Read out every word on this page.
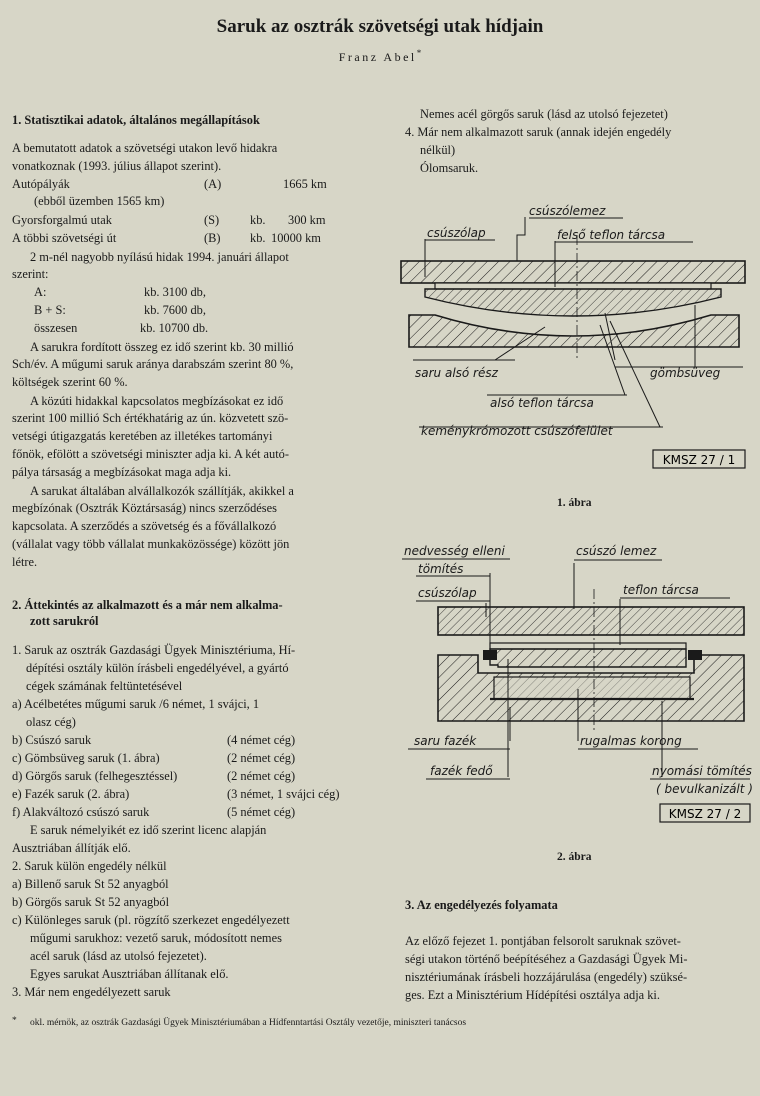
Saruk az osztrák szövetségi utak hídjain
Franz Abel*
1. Statisztikai adatok, általános megállapítások
A bemutatott adatok a szövetségi utakon levő hidakra
vonatkoznak (1993. július állapot szerint).
Autópályák	(A)	1665 km
(ebből üzemben 1565 km)
Gyorsforgalmú utak	(S) kb. 300 km
A többi szövetségi út	(B) kb. 10000 km
2 m-nél nagyobb nyílású hidak 1994. januári állapot
szerint:
A:	kb. 3100 db,
B + S:	kb. 7600 db,
összesen	kb. 10700 db.
A sarukra fordított összeg ez idő szerint kb. 30 millió
Sch/év. A műgumi saruk aránya darabszám szerint 80 %,
költségek szerint 60 %.
A közúti hidakkal kapcsolatos megbízásokat ez idő
szerint 100 millió Sch értékhatárig az ún. közvetett szö-
vetségi útigazgatás keretében az illetékes tartományi
főnök, efölött a szövetségi miniszter adja ki. A két autó-
pálya társaság a megbízásokat maga adja ki.
A sarukat általában alvállalkozók szállítják, akikkel a
megbízónak (Osztrák Köztársaság) nincs szerződéses
kapcsolata. A szerződés a szövetség és a fővállalkozó
(vállalat vagy több vállalat munkaközössége) között jön
létre.
2. Áttekintés az alkalmazott és a már nem alkalma-
zott sarukról
1. Saruk az osztrák Gazdasági Ügyek Minisztériuma, Hí-
dépítési osztály külön írásbeli engedélyével, a gyártó
cégek számának feltüntetésével
a) Acélbetétes műgumi saruk /6 német, 1 svájci, 1
olasz cég)
b) Csúszó saruk	(4 német cég)
c) Gömbsüveg saruk (1. ábra)	(2 német cég)
d) Görgős saruk (felhegesztéssel)	(2 német cég)
e) Fazék saruk (2. ábra)	(3 német, 1 svájci cég)
f) Alakváltozó csúszó saruk	(5 német cég)
E saruk némelyikét ez idő szerint licenc alapján
Ausztriában állítják elő.
2. Saruk külön engedély nélkül
a) Billenő saruk St 52 anyagból
b) Görgős saruk St 52 anyagból
c) Különleges saruk (pl. rögzítő szerkezet engedélyezett
műgumi sarukhoz: vezető saruk, módosított nemes
acél saruk (lásd az utolsó fejezetet).
Egyes sarukat Ausztriában állítanak elő.
3. Már nem engedélyezett saruk
Nemes acél görgős saruk (lásd az utolsó fejezetet)
4. Már nem alkalmazott saruk (annak idején engedély
nélkül)
Ólomsaruk.
csúszólemez
csúszólap	felső teflon tárcsa
saru alsó rész	gömbsüveg
alsó teflon tárcsa
keménykrómozott csúszófelület
KMSZ 27 / 1
1. ábra
nedvesség elleni
tömítés
csúszó lemez
csúszólap	teflon tárcsa
saru fazék	rugalmas korong
fazék fedő	nyomási tömítés
( bevulkanizált )
KMSZ 27 / 2
2. ábra
3. Az engedélyezés folyamata
Az előző fejezet 1. pontjában felsorolt saruknak szövet-
ségi utakon történő beépítéséhez a Gazdasági Ügyek Mi-
nisztériumának írásbeli hozzájárulása (engedély) szüksé-
ges. Ezt a Minisztérium Hídépítési osztálya adja ki.
* okl. mérnök, az osztrák Gazdasági Ügyek Minisztériumában a Hídfenntartási Osztály vezetője, miniszteri tanácsos
